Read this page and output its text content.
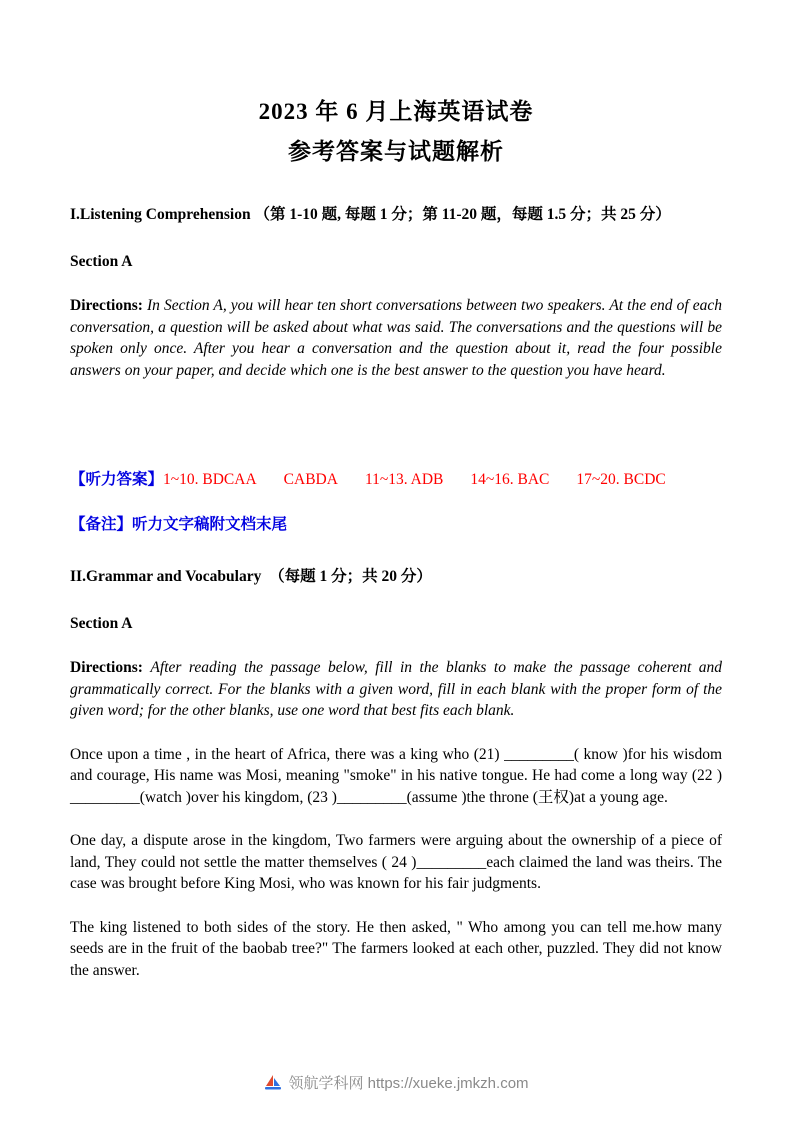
2023 年 6 月上海英语试卷
参考答案与试题解析
I.Listening Comprehension （第 1-10 题, 每题 1 分；第 11-20 题，每题 1.5 分；共 25 分）
Section A

Directions: In Section A, you will hear ten short conversations between two speakers. At the end of each conversation, a question will be asked about what was said. The conversations and the questions will be spoken only once. After you hear a conversation and the question about it, read the four possible answers on your paper, and decide which one is the best answer to the question you have heard.

【听力答案】1~10. BDCAA CABDA 11~13. ADB 14~16. BAC 17~20. BCDC

【备注】听力文字稿附文档末尾

II.Grammar and Vocabulary　（每题 1 分；共 20 分）
Section A

Directions: After reading the passage below, fill in the blanks to make the passage coherent and grammatically correct. For the blanks with a given word, fill in each blank with the proper form of the given word; for the other blanks, use one word that best fits each blank.

Once upon a time , in the heart of Africa, there was a king who (21) _________( know )for his wisdom and courage, His name was Mosi, meaning "smoke" in his native tongue. He had come a long way (22 ) _________(watch )over his kingdom, (23 )_________(assume )the throne (王权)at a young age.

One day, a dispute arose in the kingdom, Two farmers were arguing about the ownership of a piece of land, They could not settle the matter themselves ( 24 )_________each claimed the land was theirs. The case was brought before King Mosi, who was known for his fair judgments.

The king listened to both sides of the story. He then asked, " Who among you can tell me.how many seeds are in the fruit of the baobab tree?" The farmers looked at each other, puzzled. They did not know the answer.

领航学科网 https://xueke.jmkzh.com
